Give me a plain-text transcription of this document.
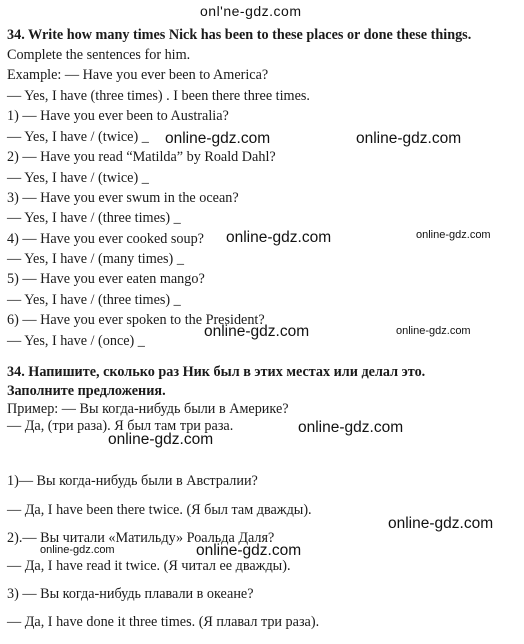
onl'ne-gdz.com
34. Write how many times Nick has been to these places or done these things.
Complete the sentences for him.
Example: — Have you ever been to America?
— Yes, I have (three times) . I been there three times.
1) — Have you ever been to Australia?
— Yes, I have / (twice) _
2) — Have you read “Matilda” by Roald Dahl?
— Yes, I have / (twice) _
3) — Have you ever swum in the ocean?
— Yes, I have / (three times) _
4) — Have you ever cooked soup?
— Yes, I have / (many times) _
5) — Have you ever eaten mango?
— Yes, I have / (three times) _
6) — Have you ever spoken to the President?
— Yes, I have / (once) _
34. Напишите, сколько раз Ник был в этих местах или делал это.
Заполните предложения.
Пример: — Вы когда-нибудь были в Америке?
— Да, (три раза). Я был там три раза.
1)— Вы когда-нибудь были в Австралии?
— Да, I have been there twice. (Я был там дважды).
2).— Вы читали «Матильду» Роальда Даля?
— Да, I have read it twice. (Я читал ее дважды).
3) — Вы когда-нибудь плавали в океане?
— Да, I have done it three times. (Я плавал три раза).
online-gdz.com	online-gdz.com
online-gdz.com	online-gdz.com
online-gdz.com	online-gdz.com
online-gdz.com
online-gdz.com
online-gdz.com
online-gdz.com	online-gdz.com
